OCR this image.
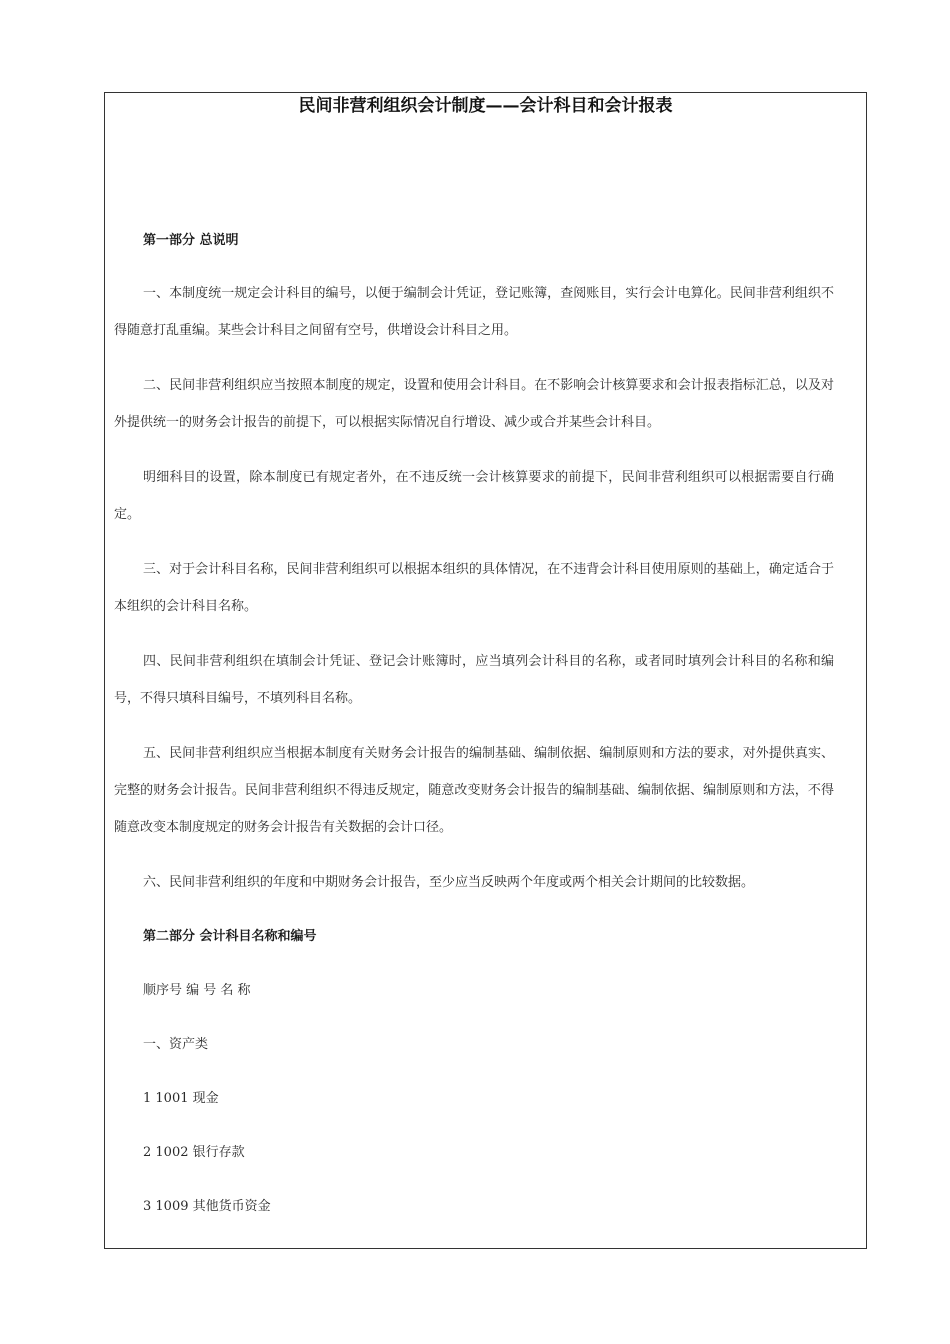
民间非营利组织会计制度——会计科目和会计报表
第一部分 总说明

一、本制度统一规定会计科目的编号，以便于编制会计凭证，登记账簿，查阅账目，实行会计电算化。民间非营利组织不得随意打乱重编。某些会计科目之间留有空号，供增设会计科目之用。

二、民间非营利组织应当按照本制度的规定，设置和使用会计科目。在不影响会计核算要求和会计报表指标汇总，以及对外提供统一的财务会计报告的前提下，可以根据实际情况自行增设、减少或合并某些会计科目。

明细科目的设置，除本制度已有规定者外，在不违反统一会计核算要求的前提下，民间非营利组织可以根据需要自行确定。

三、对于会计科目名称，民间非营利组织可以根据本组织的具体情况，在不违背会计科目使用原则的基础上，确定适合于本组织的会计科目名称。

四、民间非营利组织在填制会计凭证、登记会计账簿时，应当填列会计科目的名称，或者同时填列会计科目的名称和编号，不得只填科目编号，不填列科目名称。

五、民间非营利组织应当根据本制度有关财务会计报告的编制基础、编制依据、编制原则和方法的要求，对外提供真实、完整的财务会计报告。民间非营利组织不得违反规定，随意改变财务会计报告的编制基础、编制依据、编制原则和方法，不得随意改变本制度规定的财务会计报告有关数据的会计口径。

六、民间非营利组织的年度和中期财务会计报告，至少应当反映两个年度或两个相关会计期间的比较数据。

第二部分 会计科目名称和编号
顺序号 编 号 名 称
一、资产类
1 1001 现金
2 1002 银行存款
3 1009 其他货币资金
